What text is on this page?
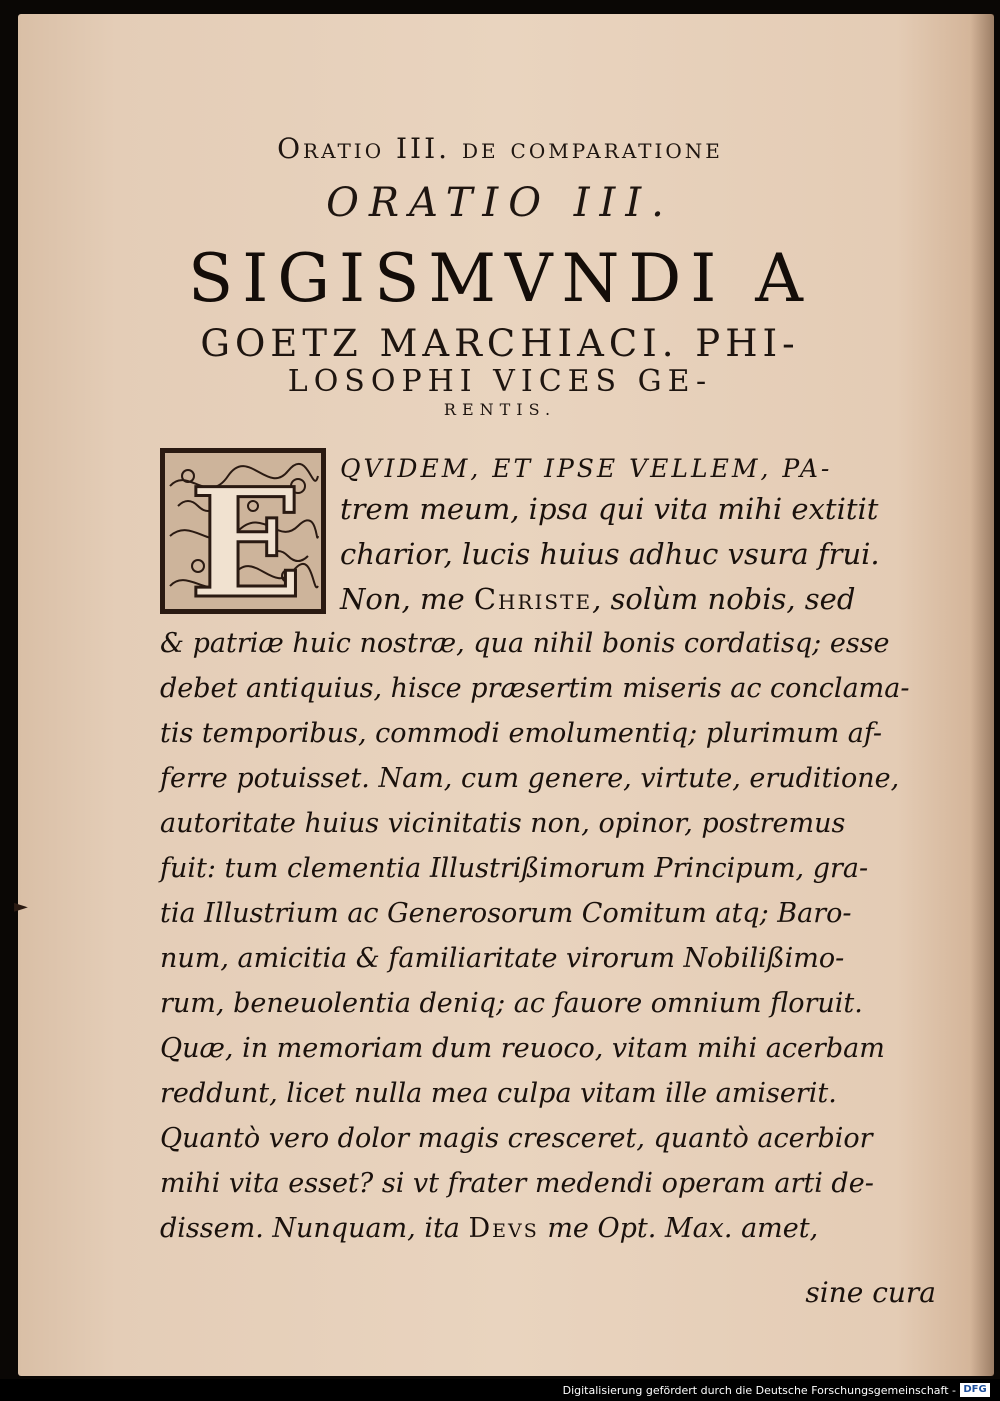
Oratio III. de comparatione
ORATIO III.
SIGISMVNDI A
GOETZ MARCHIACI. PHI-
LOSOPHI VICES GE-
RENTIS.
E QVIDEM, ET IPSE VELLEM, PA-
trem meum, ipsa qui vita mihi extitit
charior, lucis huius adhuc vsura frui.
Non, me Christe, solùm nobis, sed
& patriæ huic nostræ, qua nihil bonis cordatisq; esse
debet antiquius, hisce præsertim miseris ac conclama-
tis temporibus, commodi emolumentiq; plurimum af-
ferre potuisset. Nam, cum genere, virtute, eruditione,
autoritate huius vicinitatis non, opinor, postremus
fuit: tum clementia Illustrißimorum Principum, gra-
tia Illustrium ac Generosorum Comitum atq; Baro-
num, amicitia & familiaritate virorum Nobilißimo-
rum, beneuolentia deniq; ac fauore omnium floruit.
Quæ, in memoriam dum reuoco, vitam mihi acerbam
reddunt, licet nulla mea culpa vitam ille amiserit.
Quantò vero dolor magis cresceret, quantò acerbior
mihi vita esset? si vt frater medendi operam arti de-
dissem. Nunquam, ita Devs me Opt. Max. amet,
sine cura
►
Digitalisierung gefördert durch die Deutsche Forschungsgemeinschaft - DFG
